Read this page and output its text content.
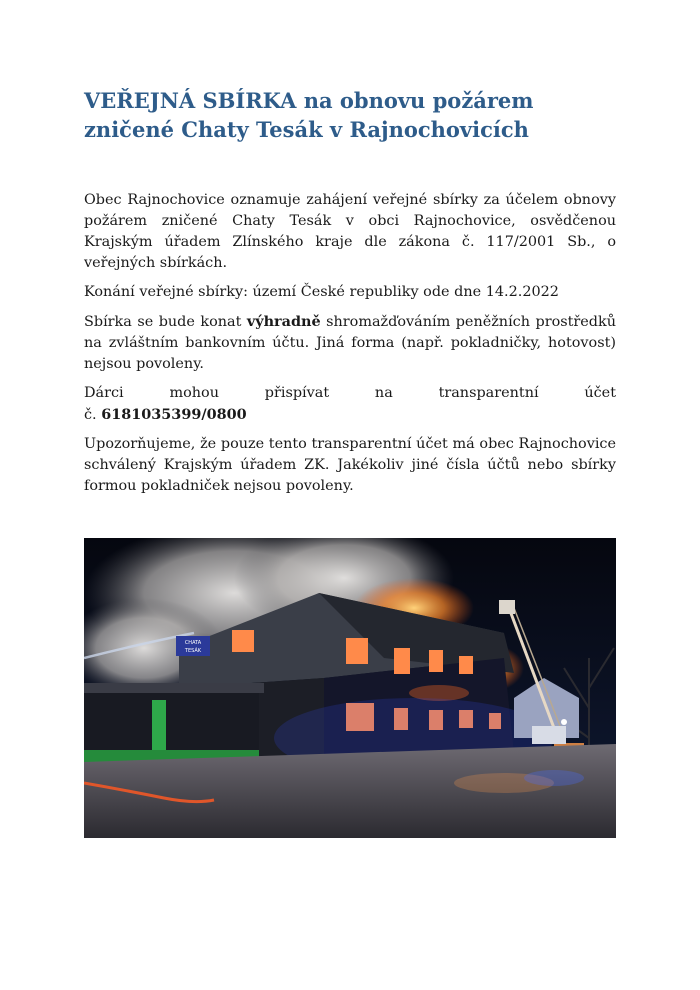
VEŘEJNÁ SBÍRKA na obnovu požárem
zničené Chaty Tesák v Rajnochovicích

Obec Rajnochovice oznamuje zahájení veřejné sbírky za účelem obnovy požárem zničené Chaty Tesák v obci Rajnochovice, osvědčenou Krajským úřadem Zlínského kraje dle zákona č. 117/2001 Sb., o veřejných sbírkách.

Konání veřejné sbírky: území České republiky ode dne 14.2.2022

Sbírka se bude konat výhradně shromažďováním peněžních prostředků na zvláštním bankovním účtu. Jiná forma (např. pokladničky, hotovost) nejsou povoleny.

Dárci	mohou	přispívat	na	transparentní	účet
č. 6181035399/0800

Upozorňujeme, že pouze tento transparentní účet má obec Rajnochovice schválený Krajským úřadem ZK. Jakékoliv jiné čísla účtů nebo sbírky formou pokladniček nejsou povoleny.

CHATA
TESÁK
